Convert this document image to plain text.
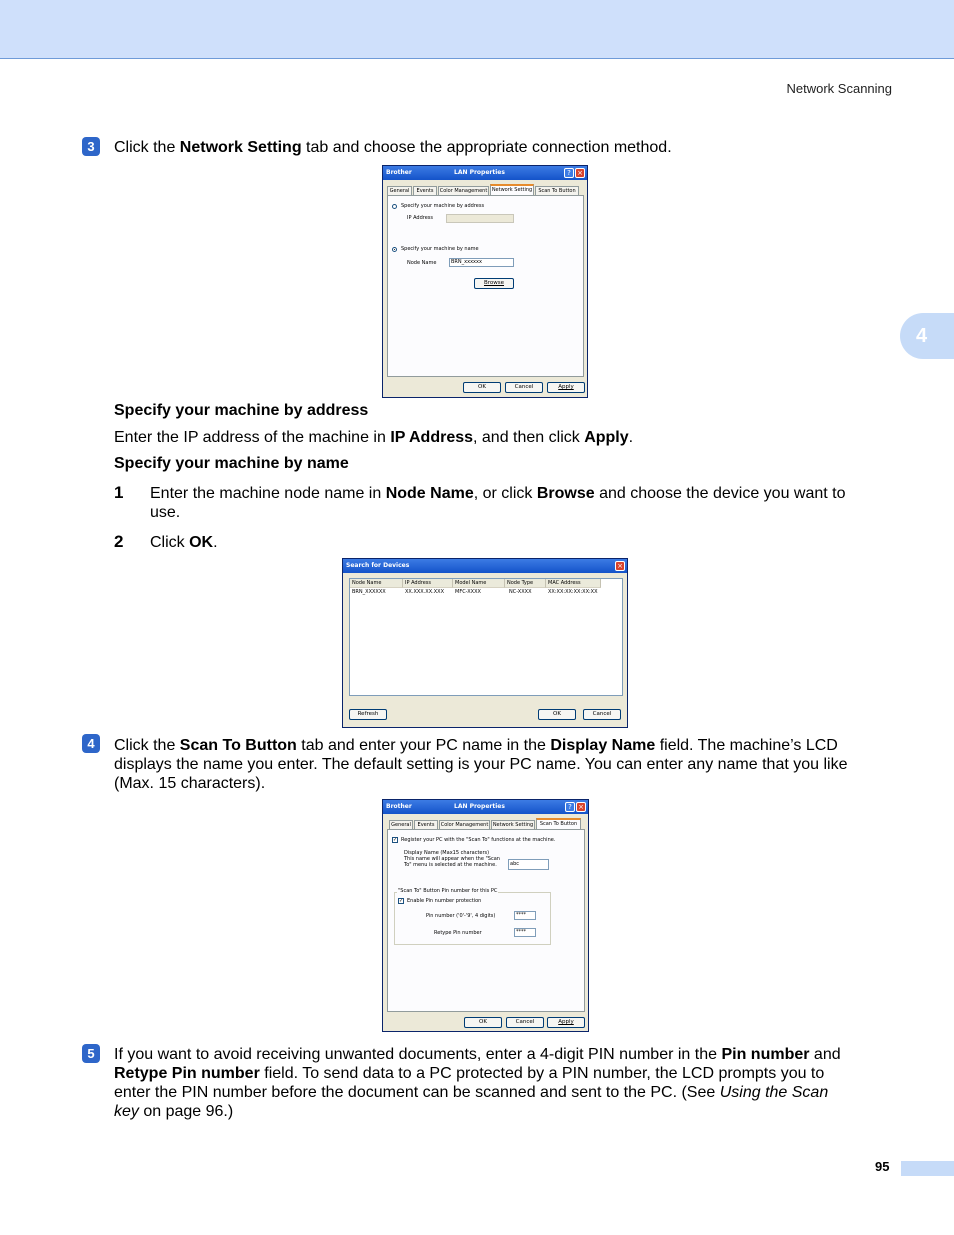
Network Scanning
4
3	Click the Network Setting tab and choose the appropriate connection method.
Brother	LAN Properties	? ×
General	Events	Color Management Network Setting	Scan To Button
Specify your machine by address
IP Address
Specify your machine by name
Node Name	BRN_xxxxxx
Browse
OK	Cancel	Apply
Specify your machine by address
Enter the IP address of the machine in IP Address, and then click Apply.
Specify your machine by name
1 Enter the machine node name in Node Name, or click Browse and choose the device you want to
use.
2 Click OK.
Search for Devices	×
Node Name	IP Address	Model Name	Node Type	MAC Address
BRN_XXXXXX	XX.XXX.XX.XXX MFC-XXXX	NC-XXXX	XX:XX:XX:XX:XX:XX
Refresh	OK	Cancel
4	Click the Scan To Button tab and enter your PC name in the Display Name field. The machine’s LCD
displays the name you enter. The default setting is your PC name. You can enter any name that you like
(Max. 15 characters).
Brother	LAN Properties	? ×
General	Events	Color Management Network Setting	Scan To Button
✓ Register your PC with the "Scan To" functions at the machine.
Display Name (Max15 characters)
This name will appear when the "Scan
To" menu is selected at the machine.	abc
"Scan To" Button Pin number for this PC
✓ Enable Pin number protection
Pin number ('0'-'9', 4 digits)	****
Retype Pin number	****
OK	Cancel	Apply
5	If you want to avoid receiving unwanted documents, enter a 4-digit PIN number in the Pin number and
Retype Pin number field. To send data to a PC protected by a PIN number, the LCD prompts you to
enter the PIN number before the document can be scanned and sent to the PC. (See Using the Scan
key on page 96.)
95
